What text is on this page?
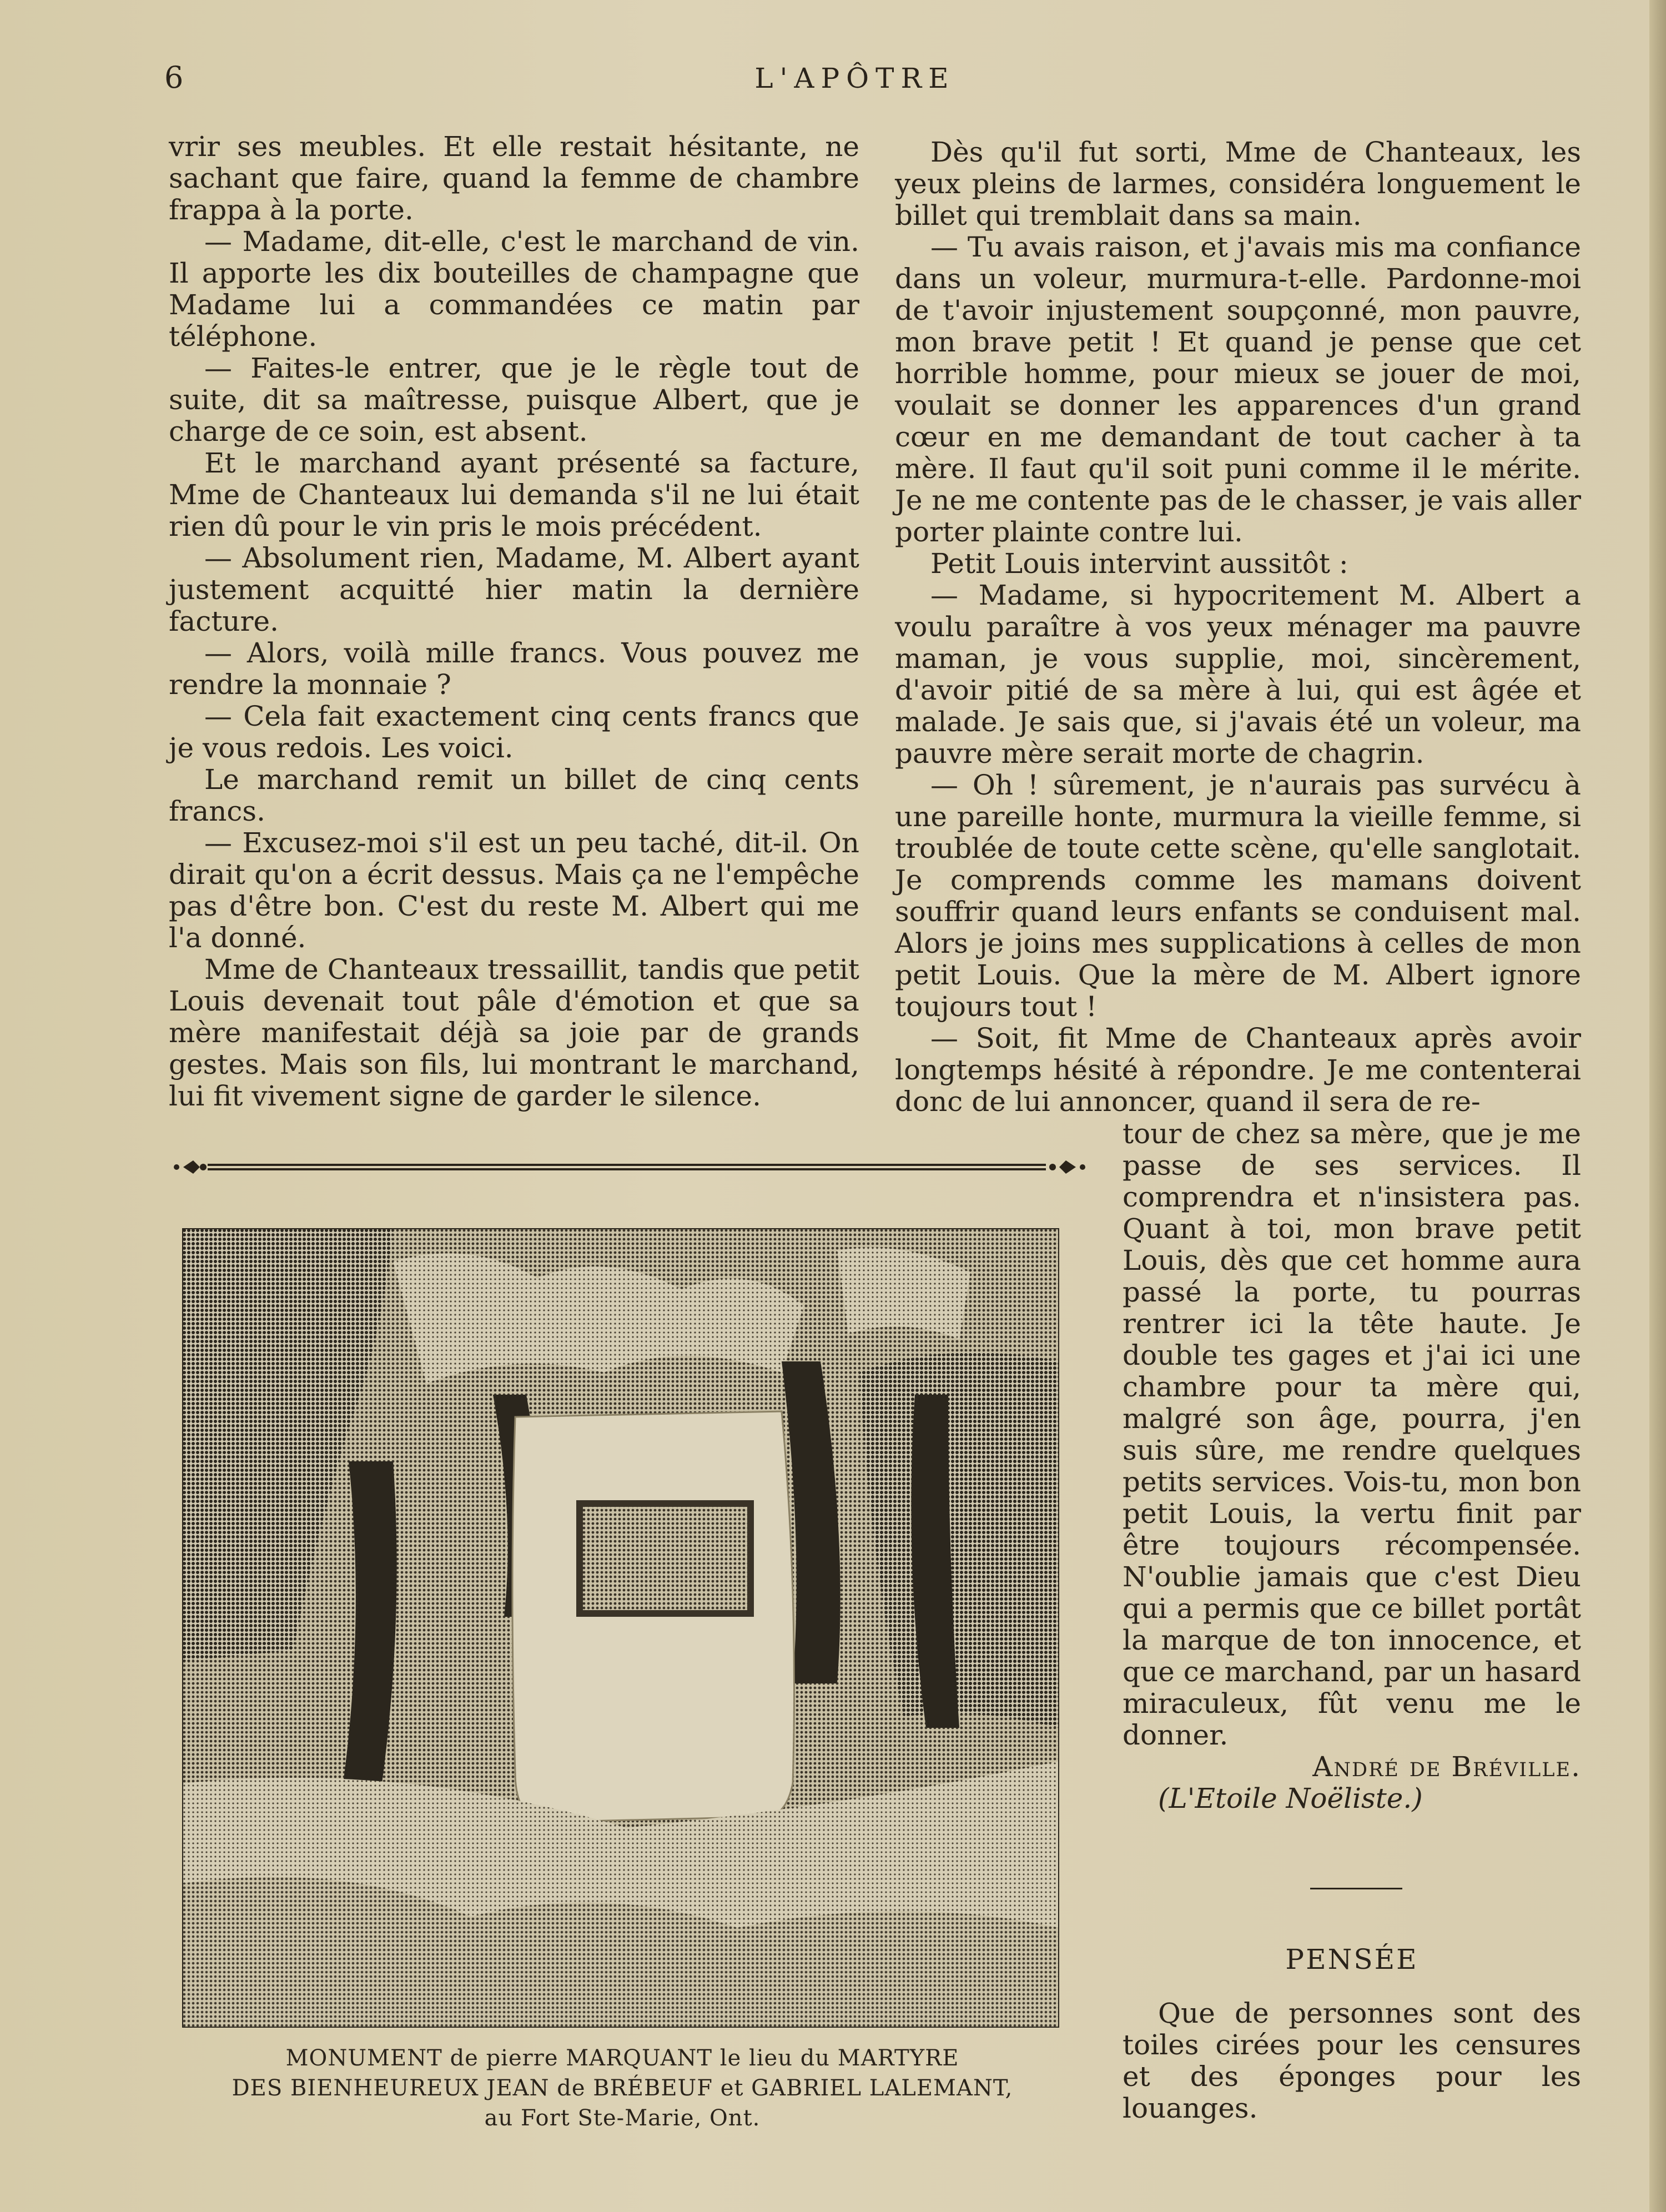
6	L'APÔTRE

vrir ses meubles. Et elle restait hésitante, ne sachant que faire, quand la femme de chambre frappa à la porte.

— Madame, dit-elle, c'est le marchand de vin. Il apporte les dix bouteilles de champagne que Madame lui a commandées ce matin par téléphone.

— Faites-le entrer, que je le règle tout de suite, dit sa maîtresse, puisque Albert, que je charge de ce soin, est absent.

Et le marchand ayant présenté sa facture, Mme de Chanteaux lui demanda s'il ne lui était rien dû pour le vin pris le mois précédent.

— Absolument rien, Madame, M. Albert ayant justement acquitté hier matin la dernière facture.

— Alors, voilà mille francs. Vous pouvez me rendre la monnaie ?

— Cela fait exactement cinq cents francs que je vous redois. Les voici.

Le marchand remit un billet de cinq cents francs.

— Excusez-moi s'il est un peu taché, dit-il. On dirait qu'on a écrit dessus. Mais ça ne l'empêche pas d'être bon. C'est du reste M. Albert qui me l'a donné.

Mme de Chanteaux tressaillit, tandis que petit Louis devenait tout pâle d'émotion et que sa mère manifestait déjà sa joie par de grands gestes. Mais son fils, lui montrant le marchand, lui fit vivement signe de garder le silence.

Dès qu'il fut sorti, Mme de Chanteaux, les yeux pleins de larmes, considéra longuement le billet qui tremblait dans sa main.

— Tu avais raison, et j'avais mis ma confiance dans un voleur, murmura-t-elle. Pardonne-moi de t'avoir injustement soupçonné, mon pauvre, mon brave petit ! Et quand je pense que cet horrible homme, pour mieux se jouer de moi, voulait se donner les apparences d'un grand cœur en me demandant de tout cacher à ta mère. Il faut qu'il soit puni comme il le mérite. Je ne me contente pas de le chasser, je vais aller porter plainte contre lui.

Petit Louis intervint aussitôt :

— Madame, si hypocritement M. Albert a voulu paraître à vos yeux ménager ma pauvre maman, je vous supplie, moi, sincèrement, d'avoir pitié de sa mère à lui, qui est âgée et malade. Je sais que, si j'avais été un voleur, ma pauvre mère serait morte de chagrin.

— Oh ! sûrement, je n'aurais pas survécu à une pareille honte, murmura la vieille femme, si troublée de toute cette scène, qu'elle sanglotait. Je comprends comme les mamans doivent souffrir quand leurs enfants se conduisent mal. Alors je joins mes supplications à celles de mon petit Louis. Que la mère de M. Albert ignore toujours tout !

— Soit, fit Mme de Chanteaux après avoir longtemps hésité à répondre. Je me contenterai donc de lui annoncer, quand il sera de re-

tour de chez sa mère, que je me passe de ses services. Il comprendra et n'insistera pas. Quant à toi, mon brave petit Louis, dès que cet homme aura passé la porte, tu pourras rentrer ici la tête haute. Je double tes gages et j'ai ici une chambre pour ta mère qui, malgré son âge, pourra, j'en suis sûre, me rendre quelques petits services. Vois-tu, mon bon petit Louis, la vertu finit par être toujours récompensée. N'oublie jamais que c'est Dieu qui a permis que ce billet portât la marque de ton innocence, et que ce marchand, par un hasard miraculeux, fût venu me le donner.

André de Bréville.

(L'Etoile Noëliste.)

PENSÉE

Que de personnes sont des toiles cirées pour les censures et des éponges pour les louanges.

MONUMENT de pierre MARQUANT le lieu du MARTYRE
DES BIENHEUREUX JEAN de BRÉBEUF et GABRIEL LALEMANT,
au Fort Ste-Marie, Ont.
